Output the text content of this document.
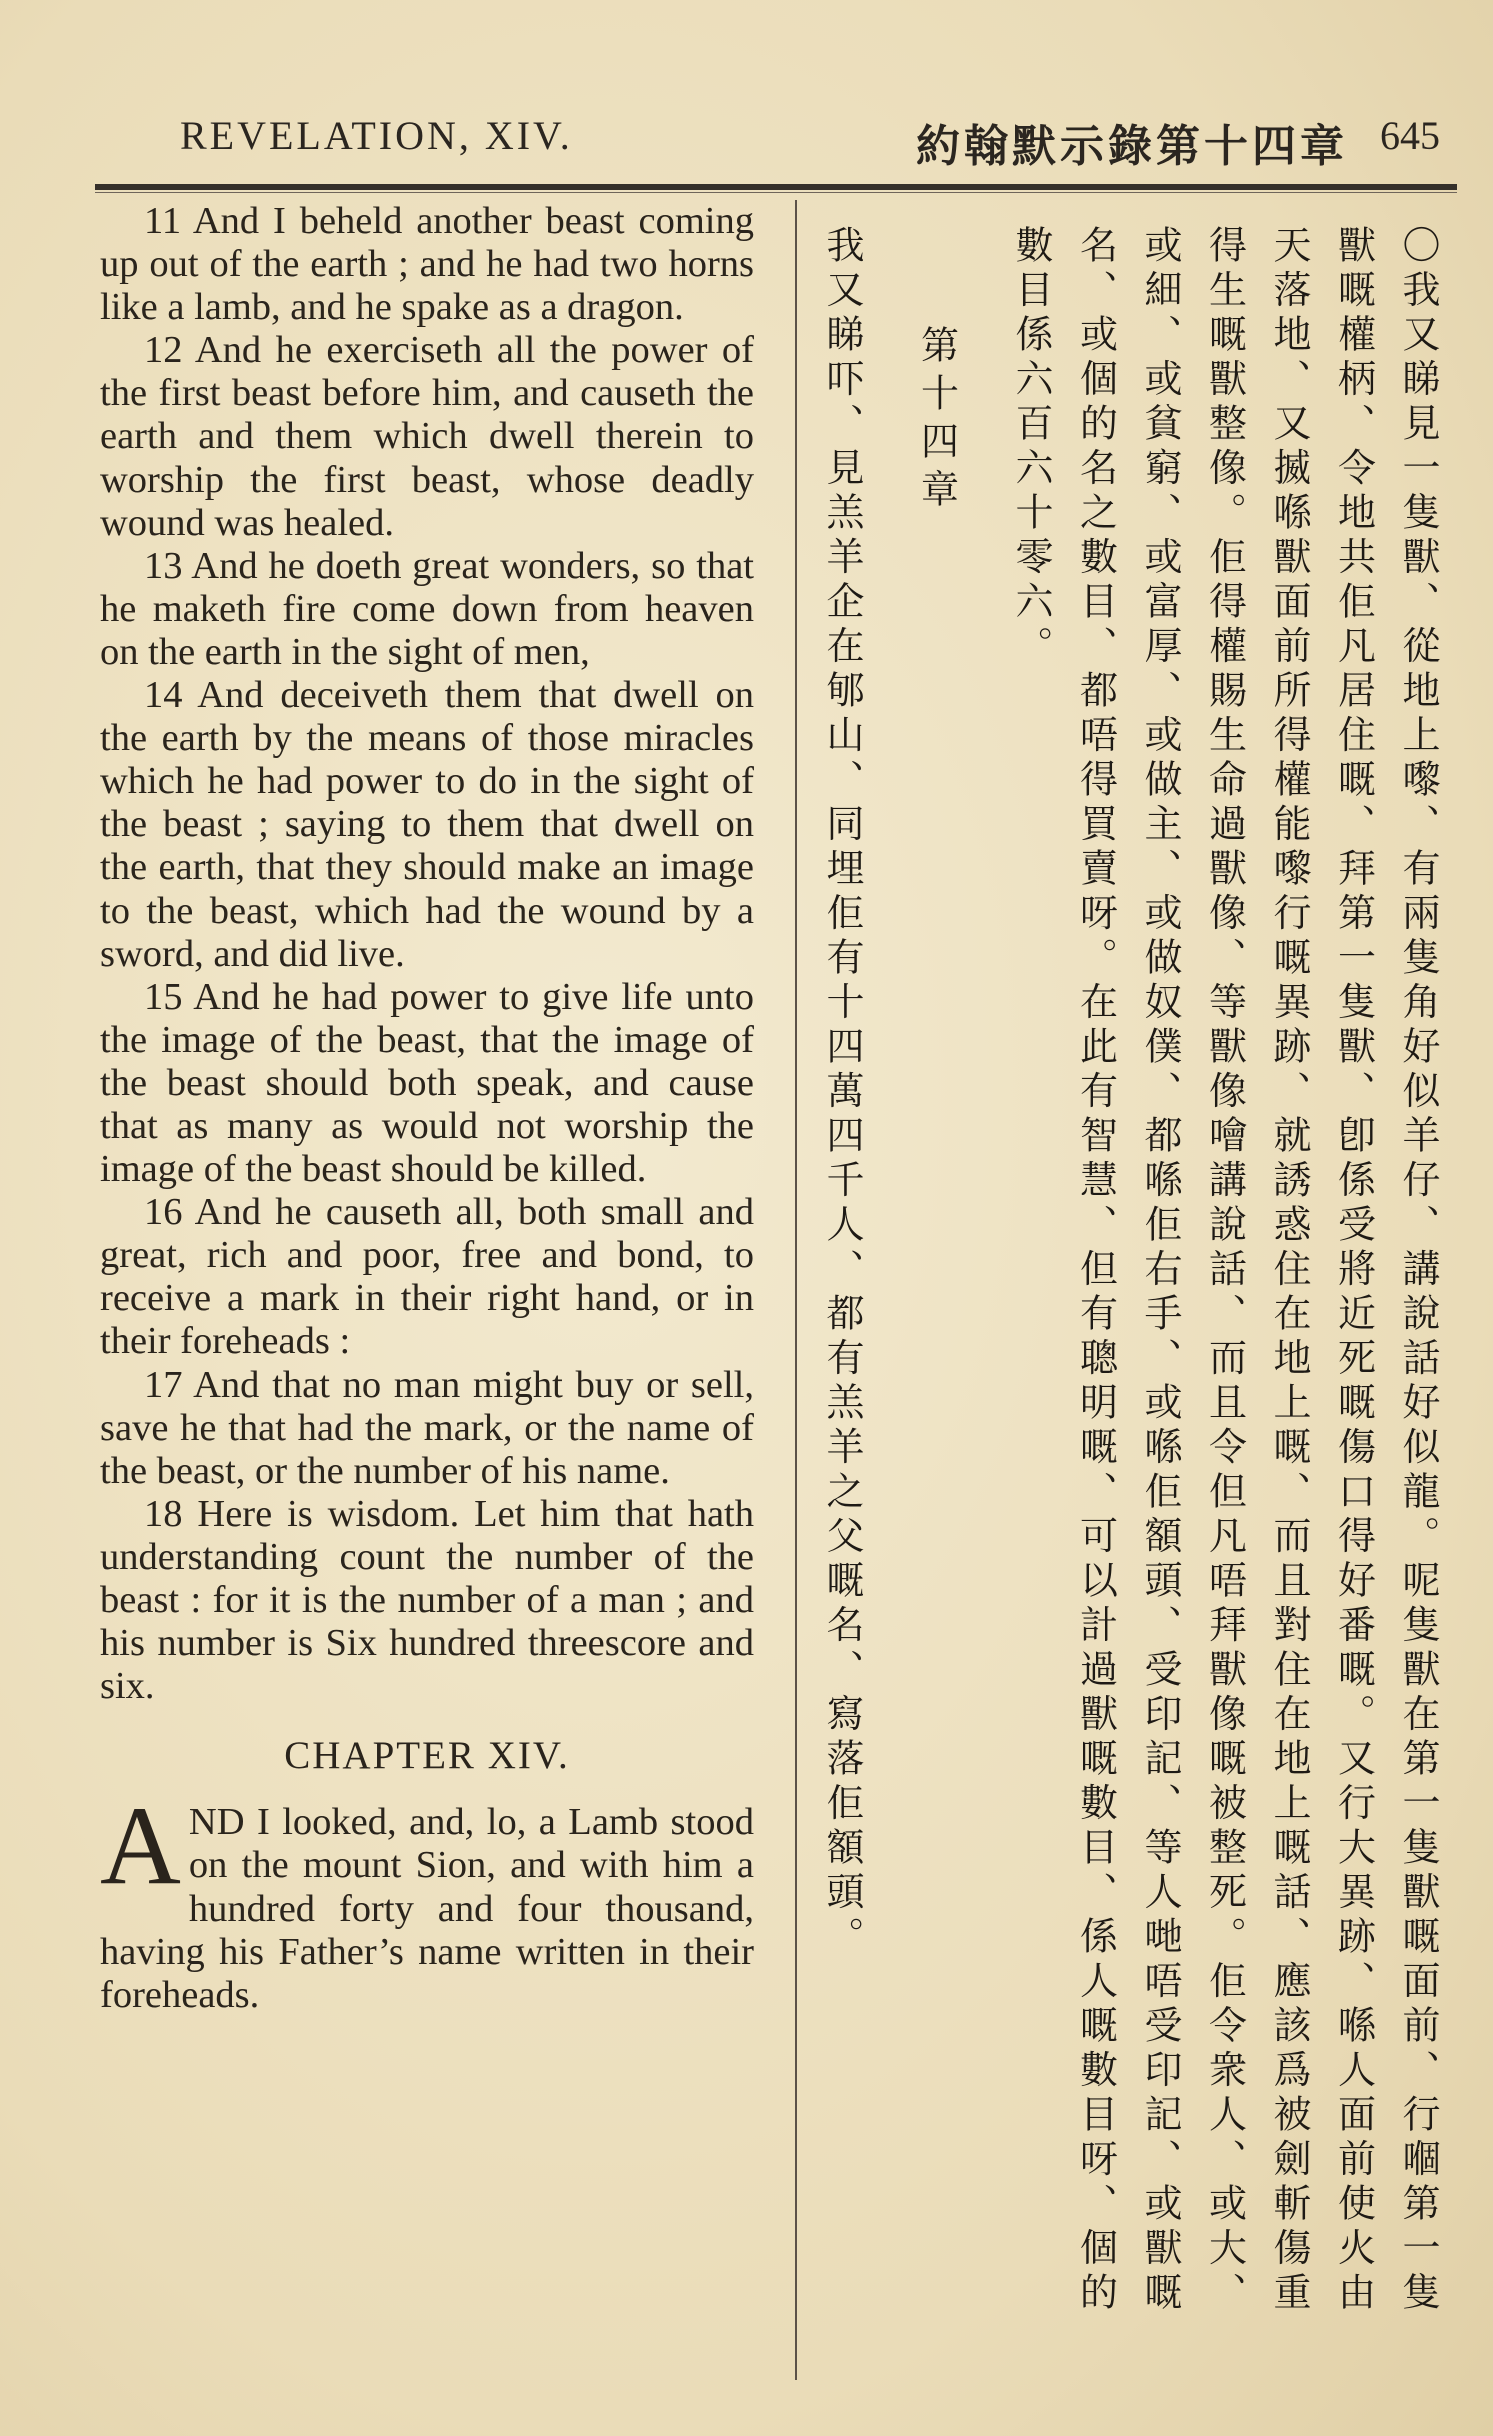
REVELATION, XIV.	約翰默示錄第十四章 645

11 And I beheld another beast coming up out of the earth ; and he had two horns like a lamb, and he spake as a dragon.

12 And he exerciseth all the power of the first beast before him, and causeth the earth and them which dwell therein to worship the first beast, whose deadly wound was healed.

13 And he doeth great wonders, so that he maketh fire come down from heaven on the earth in the sight of men,

14 And deceiveth them that dwell on the earth by the means of those miracles which he had power to do in the sight of the beast ; saying to them that dwell on the earth, that they should make an image to the beast, which had the wound by a sword, and did live.

15 And he had power to give life unto the image of the beast, that the image of the beast should both speak, and cause that as many as would not worship the image of the beast should be killed.

16 And he causeth all, both small and great, rich and poor, free and bond, to receive a mark in their right hand, or in their foreheads :

17 And that no man might buy or sell, save he that had the mark, or the name of the beast, or the number of his name.

18 Here is wisdom. Let him that hath understanding count the number of the beast : for it is the number of a man ; and his number is Six hundred threescore and six.

CHAPTER XIV.

AND I looked, and, lo, a Lamb stood on the mount Sion, and with him a hundred forty and four thousand, having his Father’s name written in their foreheads.	〇我又睇見一隻獸、從地上嚟、有兩隻角好似羊仔、講說話好似龍。呢隻獸在第一隻獸嘅面前、行嗰第一隻獸嘅權柄、令地共佢凡居住嘅、拜第一隻獸、卽係受將近死嘅傷口得好番嘅。又行大異跡、喺人面前使火由天落地、又揻喺獸面前所得權能嚟行嘅異跡、就誘惑住在地上嘅、而且對住在地上嘅話、應該爲被劍斬傷重得生嘅獸整像。佢得權賜生命過獸像、等獸像噲講說話、而且令但凡唔拜獸像嘅被整死。佢令衆人、或大、或細、或貧窮、或富厚、或做主、或做奴僕、都喺佢右手、或喺佢額頭、受印記、等人哋唔受印記、或獸嘅名、或個的名之數目、都唔得買賣呀。在此有智慧、但有聰明嘅、可以計過獸嘅數目、係人嘅數目呀、個的數目係六百六十零六。

第十四章

我又睇吓、見羔羊企在郇山、同埋佢有十四萬四千人、都有羔羊之父嘅名、寫落佢額頭。
